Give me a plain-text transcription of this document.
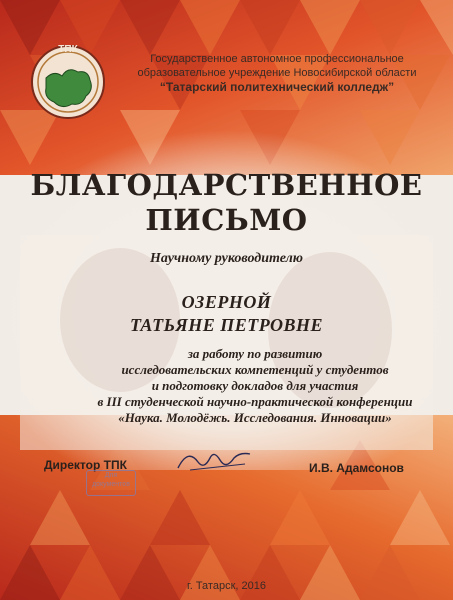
ТПК
Государственное автономное профессиональное
образовательное учреждение Новосибирской области
“Татарский политехнический колледж”
БЛАГОДАРСТВЕННОЕ
ПИСЬМО
Научному руководителю
ОЗЕРНОЙ
ТАТЬЯНЕ ПЕТРОВНЕ
за работу по развитию
исследовательских компетенций у студентов
и подготовку докладов для участия
в III студенческой научно-практической конференции
«Наука. Молодёжь. Исследования. Инновации»
Директор ТПК
Для документов
И.В. Адамсонов
г. Татарск, 2016
